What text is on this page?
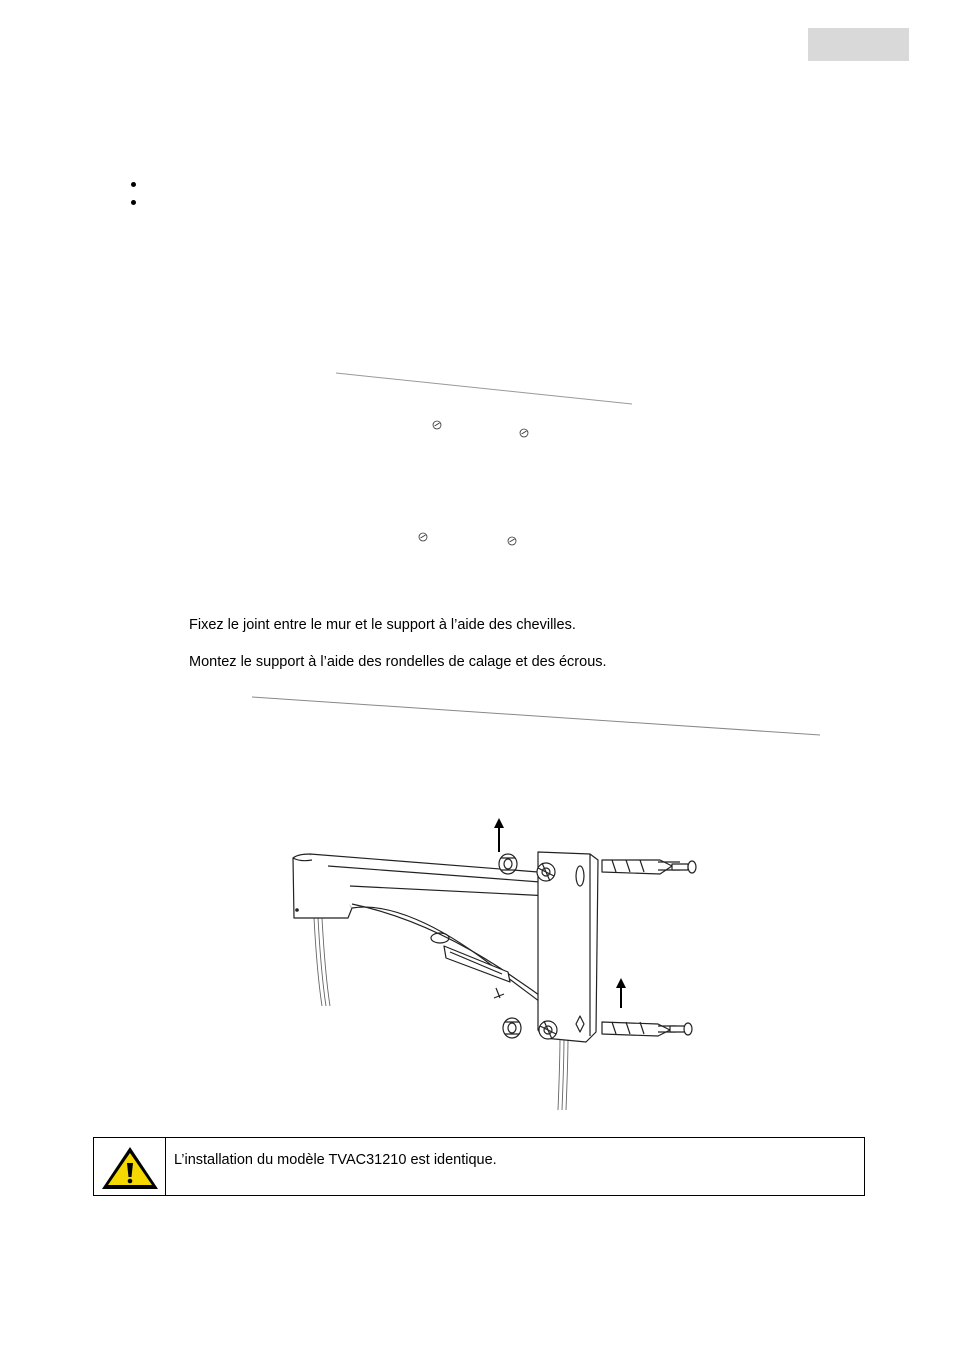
Fixez le joint entre le mur et le support à l’aide des chevilles.
Montez le support à l’aide des rondelles de calage et des écrous.
L’installation du modèle TVAC31210 est identique.
